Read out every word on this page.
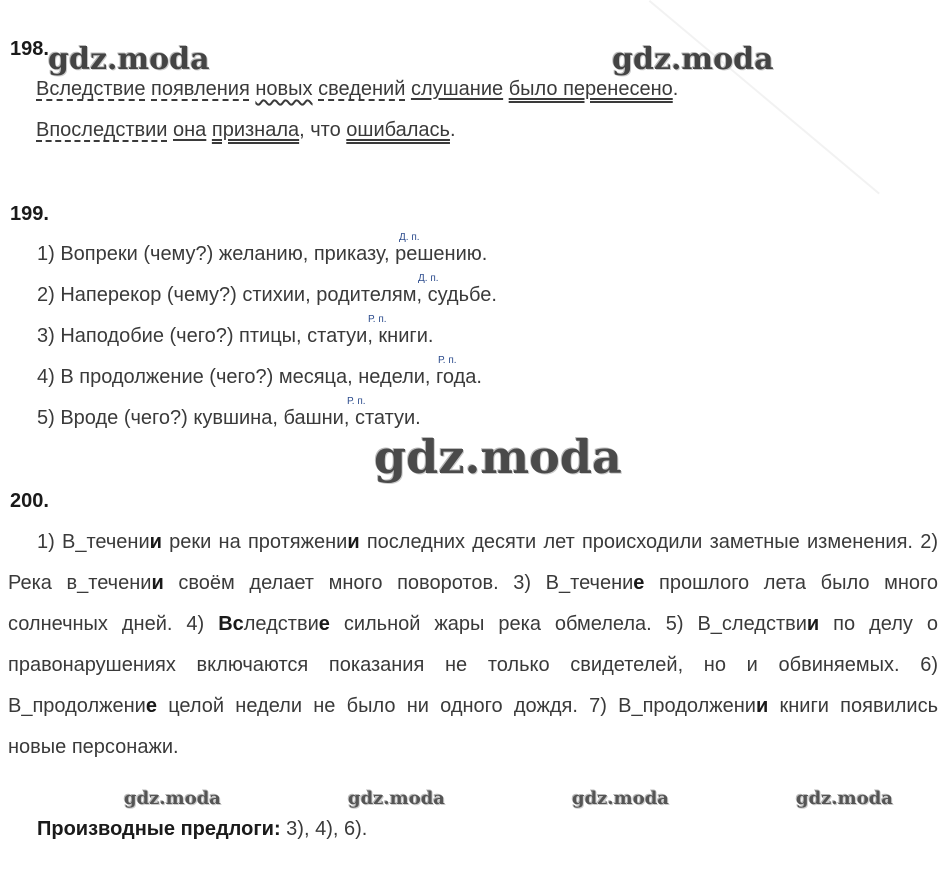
gdz.moda	gdz.moda
gdz.moda
gdz.moda	gdz.moda	gdz.moda	gdz.moda
198.
Вследствие появления новых сведений слушание было перенесено.
Впоследствии она признала, что ошибалась.
199.
Д. п.
1) Вопреки (чему?) желанию, приказу, решению.
Д. п.
2) Наперекор (чему?) стихии, родителям, судьбе.
Р. п.
3) Наподобие (чего?) птицы, статуи, книги.
Р. п.
4) В продолжение (чего?) месяца, недели, года.
Р. п.
5) Вроде (чего?) кувшина, башни, статуи.
200.
1) В_течении реки на протяжении последних десяти лет происходили заметные изменения. 2) Река в_течении своём делает много поворотов. 3) В_течение прошлого лета было много солнечных дней. 4) Вследствие сильной жары река обмелела. 5) В_следствии по делу о правонарушениях включаются показания не только свидетелей, но и обвиняемых. 6) В_продолжение целой недели не было ни одного дождя. 7) В_продолжении книги появились новые персонажи.
Производные предлоги: 3), 4), 6).
